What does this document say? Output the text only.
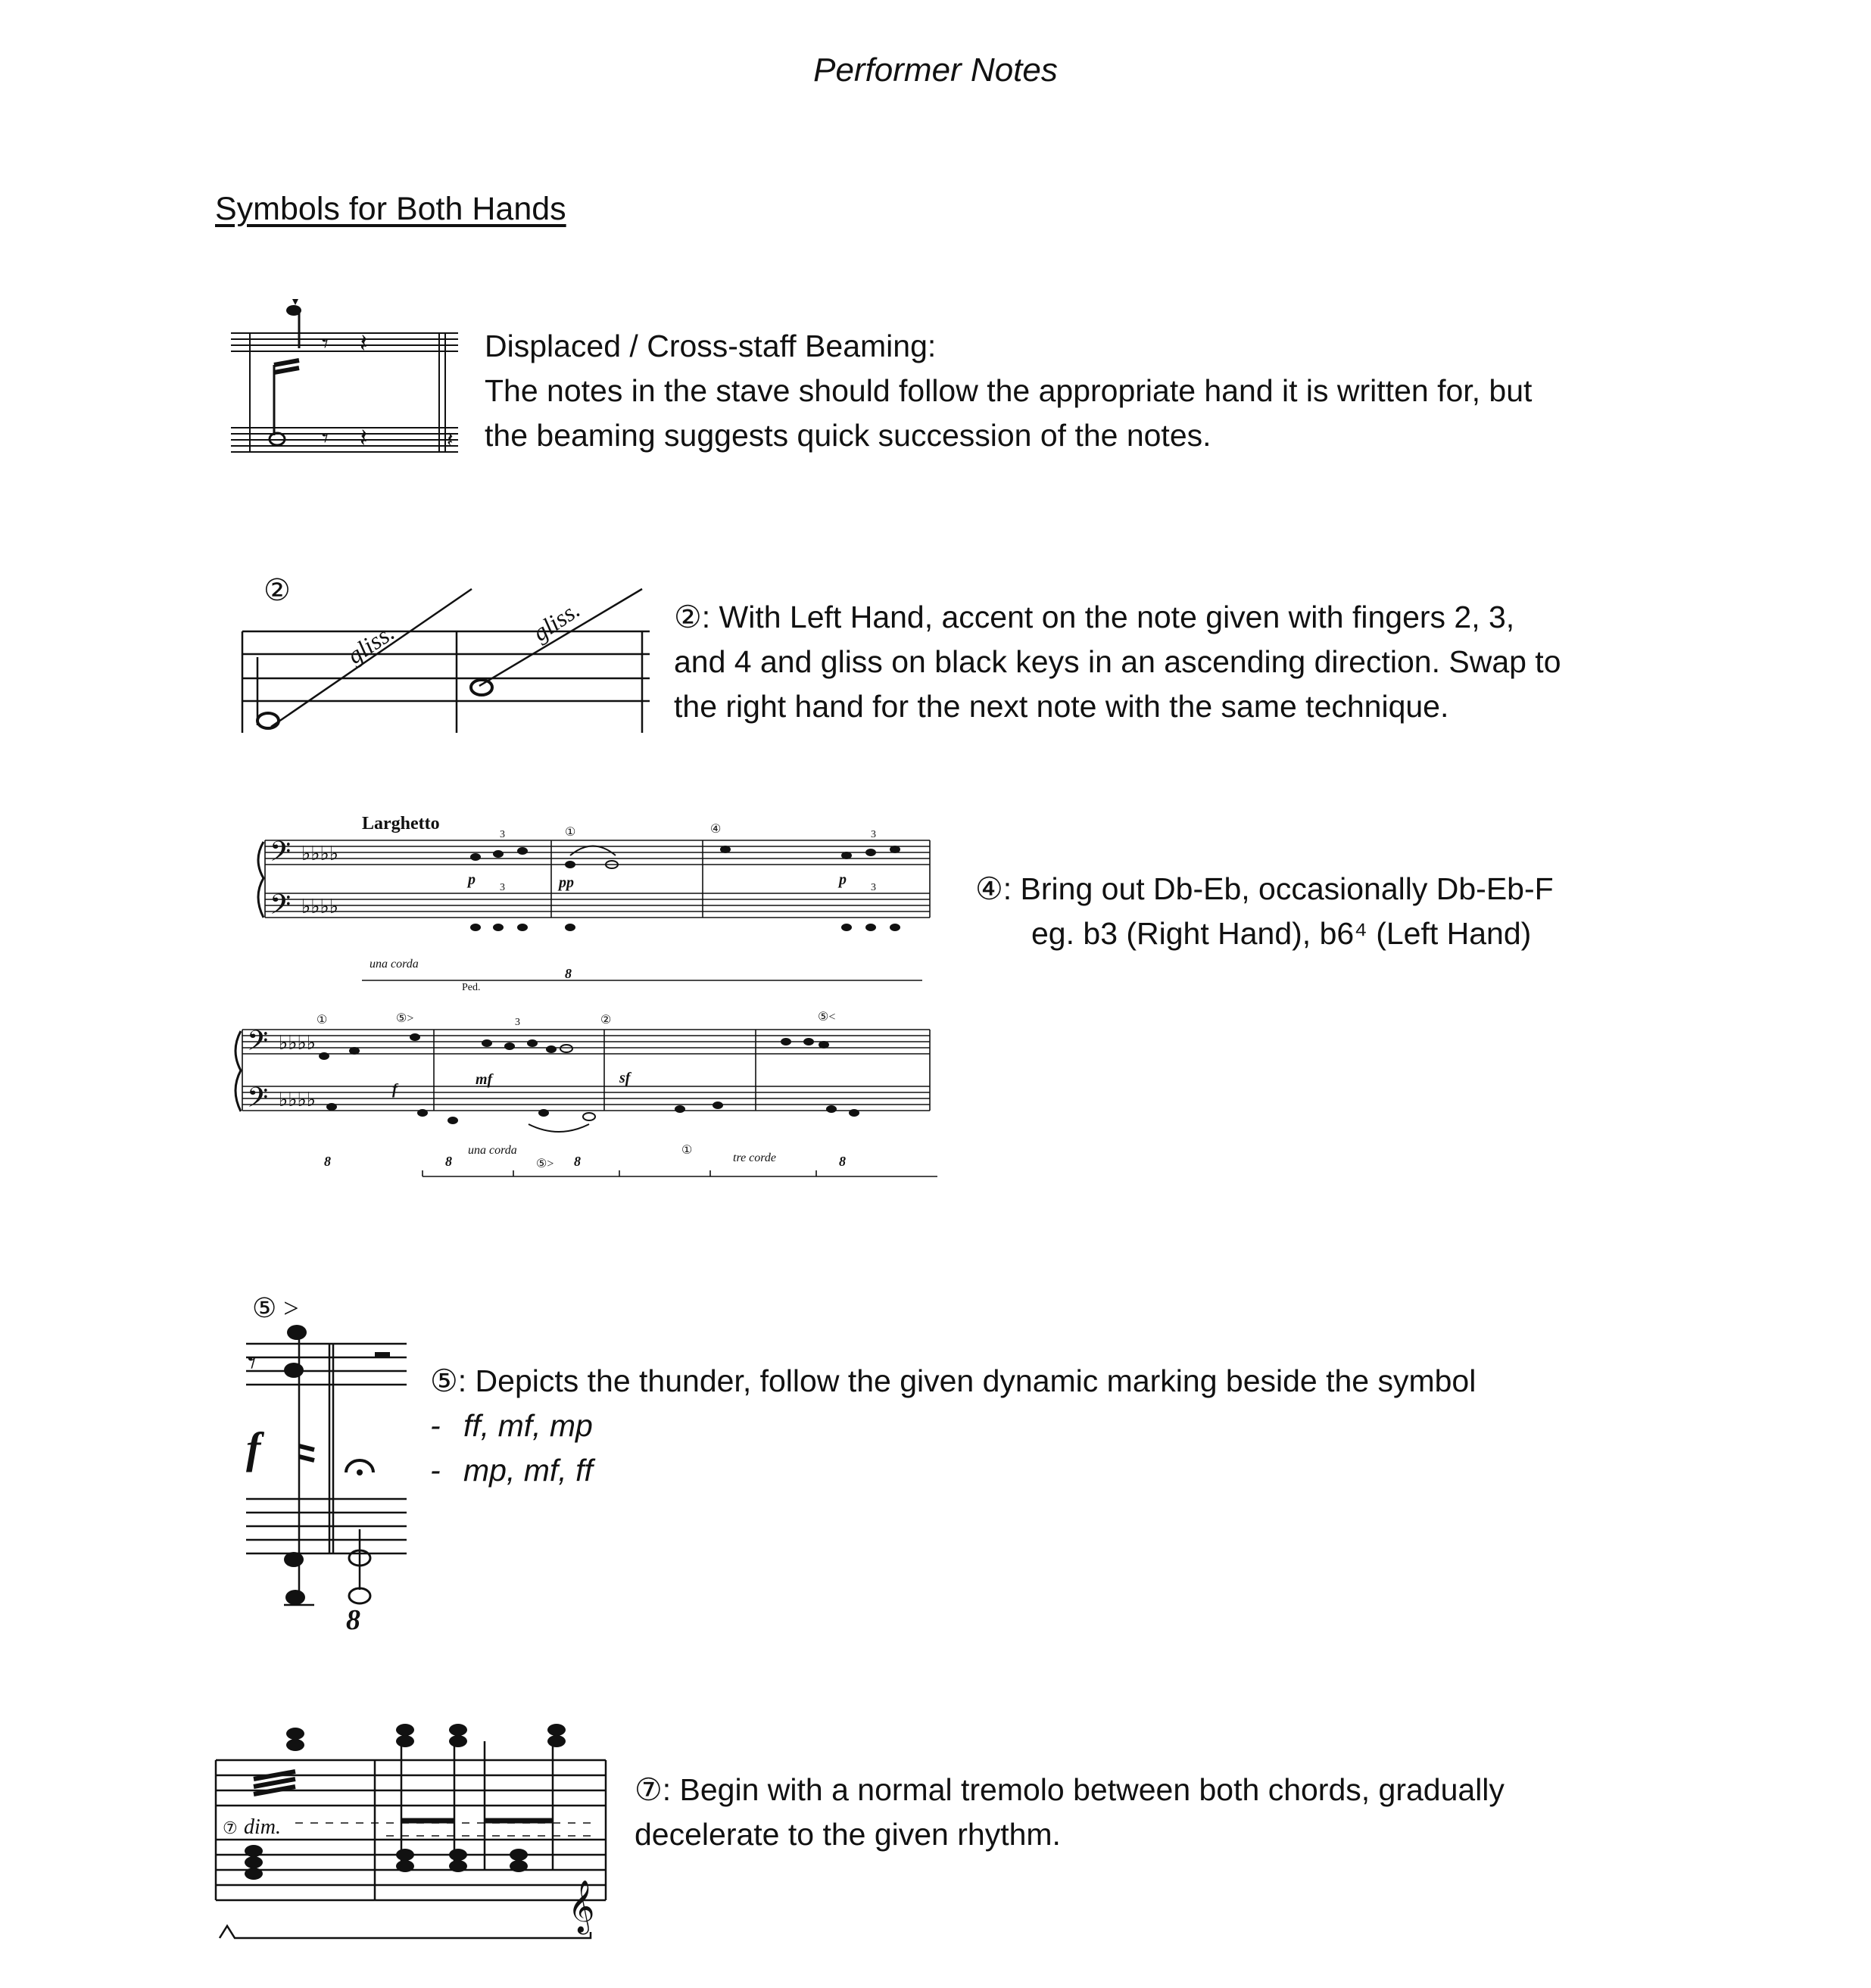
Performer Notes
Symbols for Both Hands
𝄾 𝄽
𝄾 𝄽	𝄽
Displaced / Cross-staff Beaming:
The notes in the stave should follow the appropriate hand it is written for, but
the beaming suggests quick succession of the notes.
②
gliss.	gliss.	②: With Left Hand, accent on the note given with fingers 2, 3,
and 4 and gliss on black keys in an ascending direction. Swap to
the right hand for the next note with the same technique.
Larghetto
𝄢
𝄢
𝄢
𝄢
♭♭♭♭
♭♭♭♭
♭♭♭♭
♭♭♭♭
p	pp	p
f
mf	sf
una corda
una corda
tre corde
8
8	8	8	8
3
3
3
3
3
Ped.
①	④
①	⑤>	②	⑤<
⑤>
①
④: Bring out Db-Eb, occasionally Db-Eb-F
eg. b3 (Right Hand), b6⁴ (Left Hand)
⑤ >
𝄾
f
8
⑤: Depicts the thunder, follow the given dynamic marking beside the symbol
- ff, mf, mp
- mp, mf, ff
⑦ dim.
𝄞
⑦: Begin with a normal tremolo between both chords, gradually
decelerate to the given rhythm.
